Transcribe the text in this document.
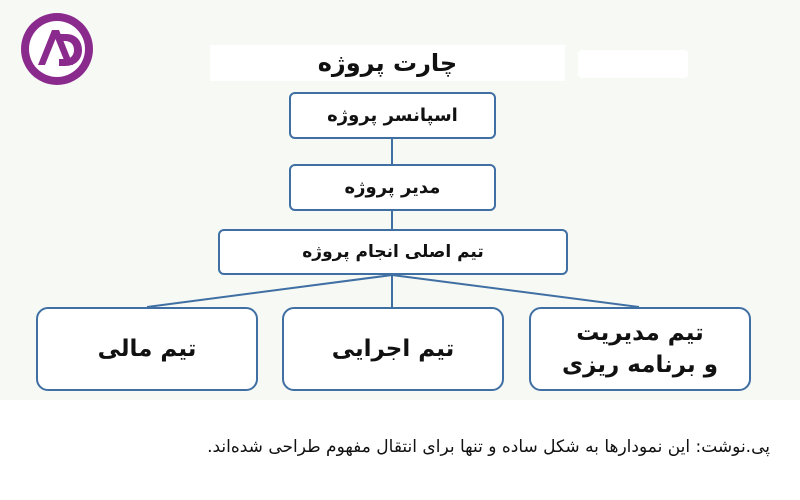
چارت پروژه
اسپانسر پروژه
مدیر پروژه
تیم اصلی انجام پروژه
تیم مدیریت
و برنامه ریزی
تیم اجرایی
تیم مالی
پی.نوشت: این نمودارها به شکل ساده و تنها برای انتقال مفهوم طراحی شده‌اند.
